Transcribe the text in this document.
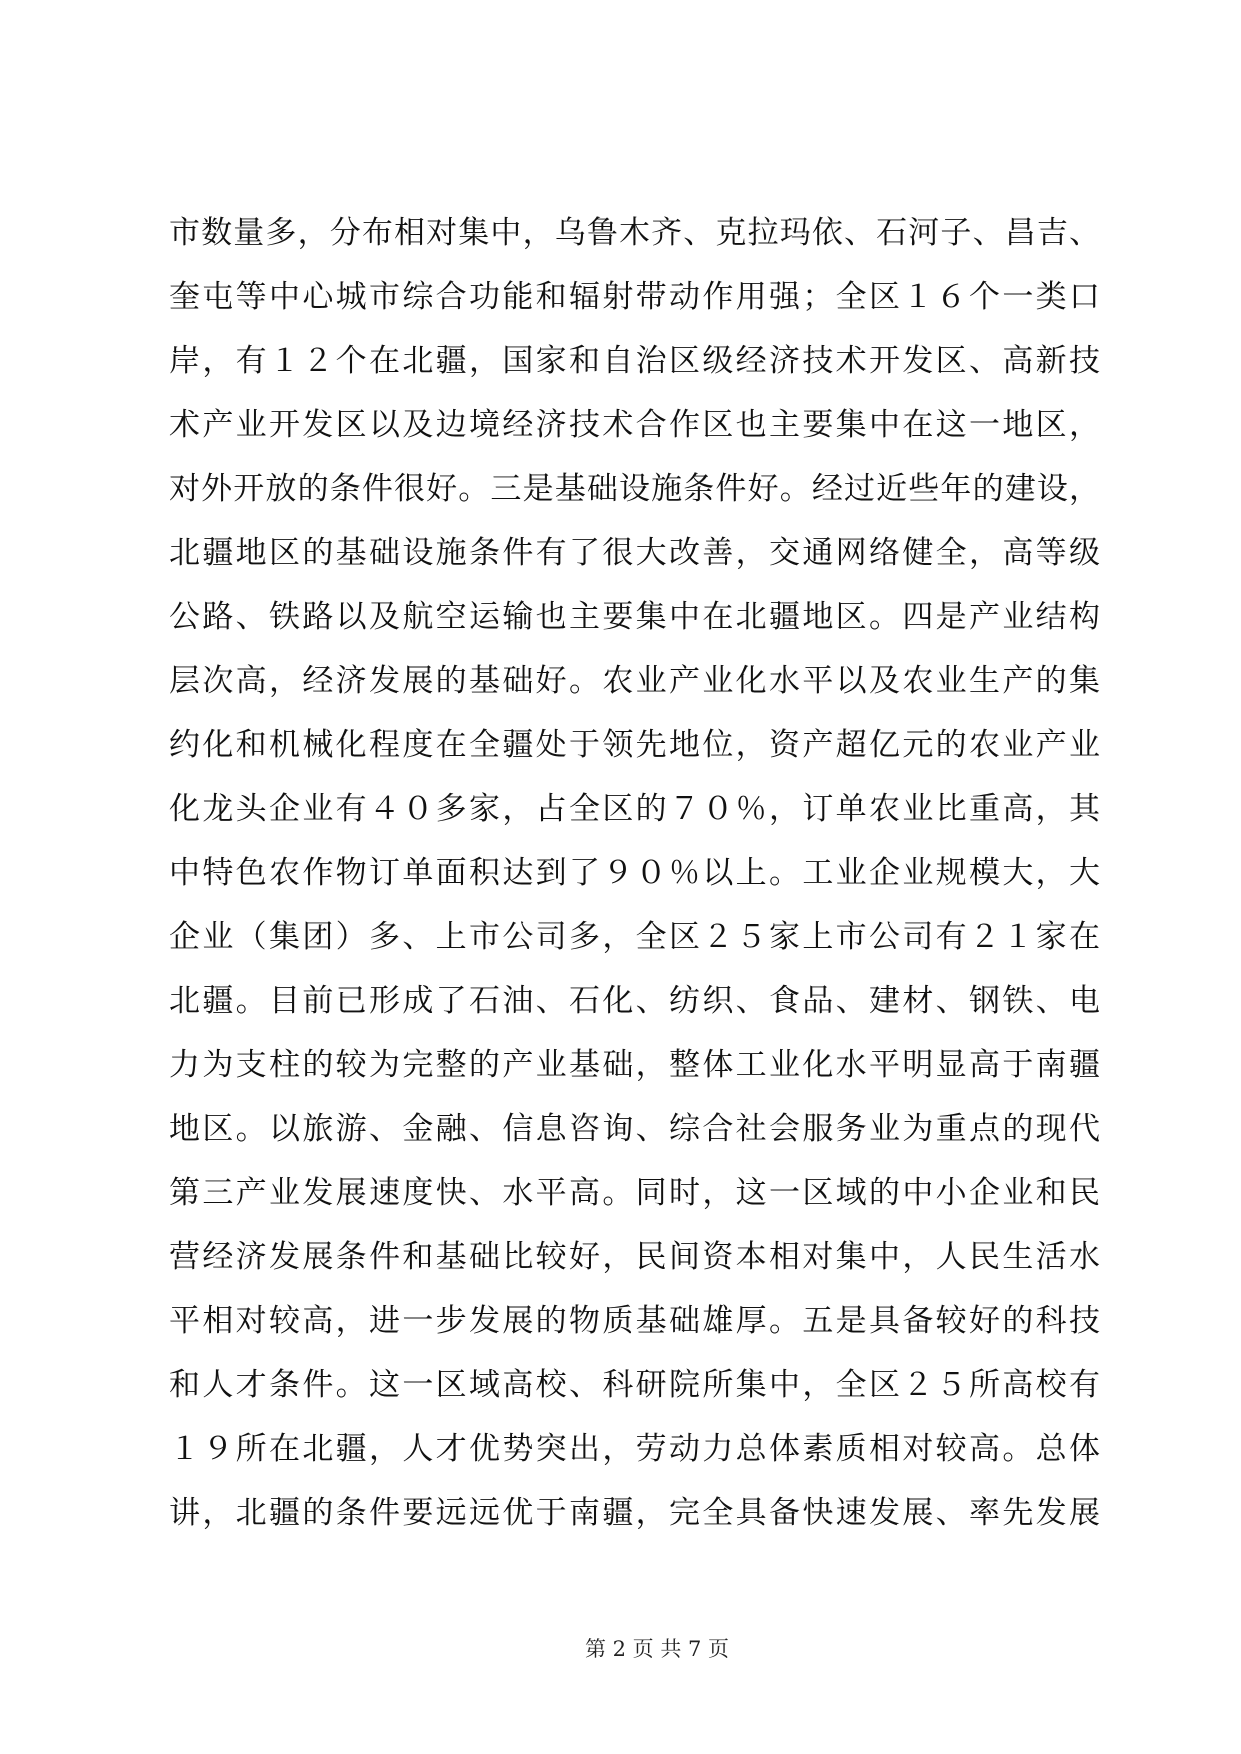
市数量多，分布相对集中，乌鲁木齐、克拉玛依、石河子、昌吉、
奎屯等中心城市综合功能和辐射带动作用强；全区１６个一类口
岸，有１２个在北疆，国家和自治区级经济技术开发区、高新技
术产业开发区以及边境经济技术合作区也主要集中在这一地区，
对外开放的条件很好。三是基础设施条件好。经过近些年的建设，
北疆地区的基础设施条件有了很大改善，交通网络健全，高等级
公路、铁路以及航空运输也主要集中在北疆地区。四是产业结构
层次高，经济发展的基础好。农业产业化水平以及农业生产的集
约化和机械化程度在全疆处于领先地位，资产超亿元的农业产业
化龙头企业有４０多家，占全区的７０％，订单农业比重高，其
中特色农作物订单面积达到了９０％以上。工业企业规模大，大
企业（集团）多、上市公司多，全区２５家上市公司有２１家在
北疆。目前已形成了石油、石化、纺织、食品、建材、钢铁、电
力为支柱的较为完整的产业基础，整体工业化水平明显高于南疆
地区。以旅游、金融、信息咨询、综合社会服务业为重点的现代
第三产业发展速度快、水平高。同时，这一区域的中小企业和民
营经济发展条件和基础比较好，民间资本相对集中，人民生活水
平相对较高，进一步发展的物质基础雄厚。五是具备较好的科技
和人才条件。这一区域高校、科研院所集中，全区２５所高校有
１９所在北疆，人才优势突出，劳动力总体素质相对较高。总体
讲，北疆的条件要远远优于南疆，完全具备快速发展、率先发展
第 2 页 共 7 页
